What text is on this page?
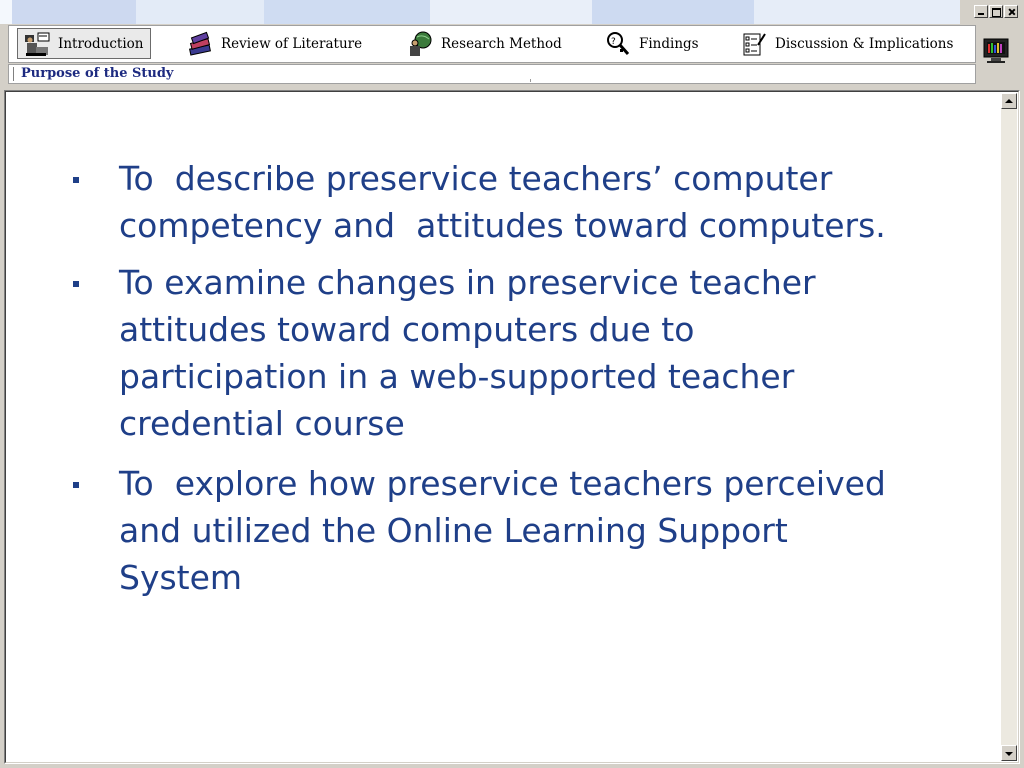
Introduction	Review of Literature	Research Method	? Findings	Discussion & Implications
Purpose of the Study
To  describe preservice teachers’ computer
competency and  attitudes toward computers.
To examine changes in preservice teacher
attitudes toward computers due to
participation in a web-supported teacher
credential course
To  explore how preservice teachers perceived
and utilized the Online Learning Support
System
